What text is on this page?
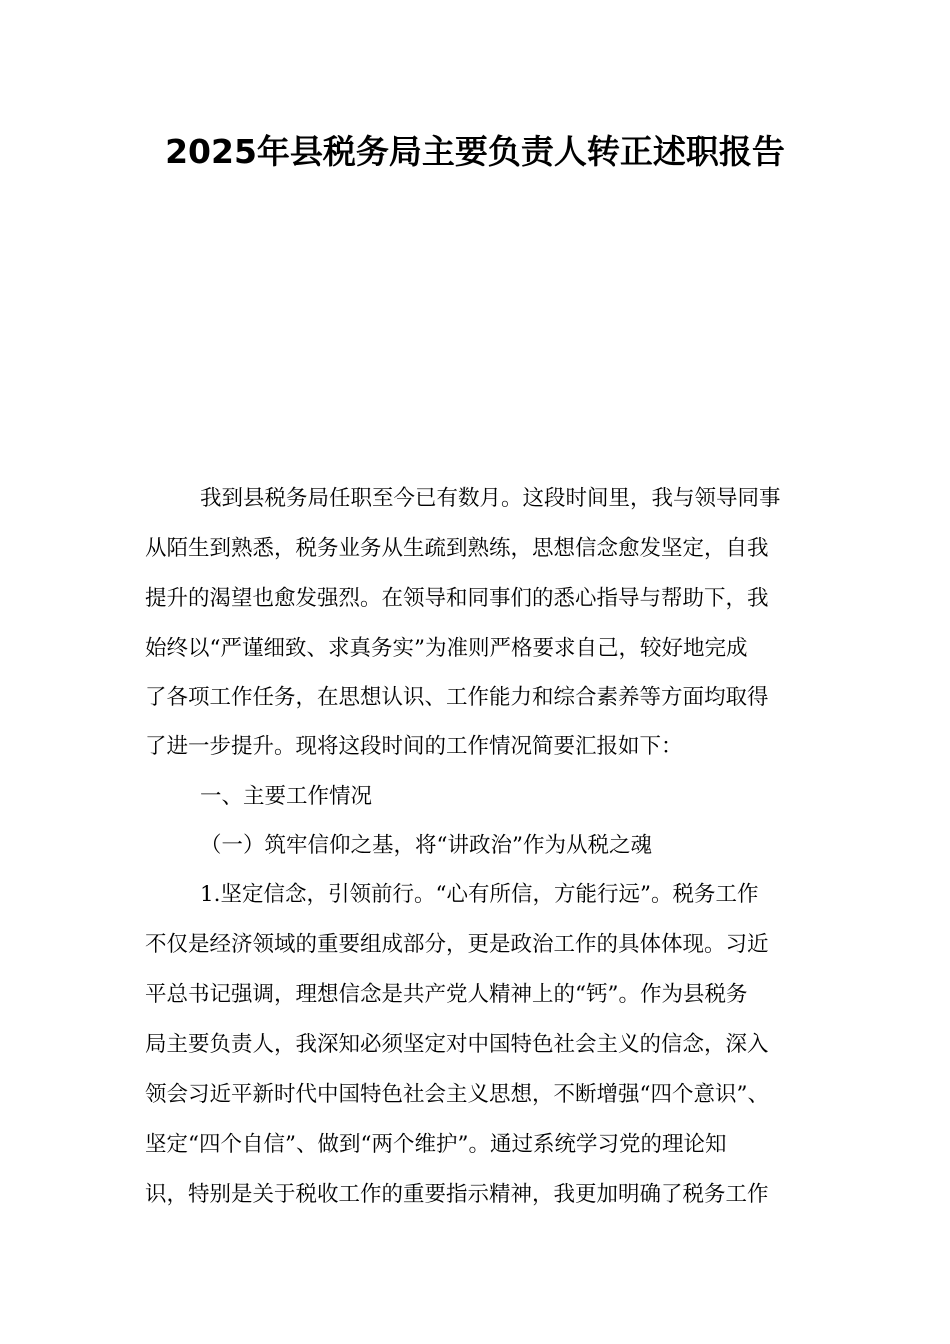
2025年县税务局主要负责人转正述职报告
我到县税务局任职至今已有数月。这段时间里，我与领导同事
从陌生到熟悉，税务业务从生疏到熟练，思想信念愈发坚定，自我
提升的渴望也愈发强烈。在领导和同事们的悉心指导与帮助下，我
始终以“严谨细致、求真务实”为准则严格要求自己，较好地完成
了各项工作任务，在思想认识、工作能力和综合素养等方面均取得
了进一步提升。现将这段时间的工作情况简要汇报如下：
一、主要工作情况
（一）筑牢信仰之基，将“讲政治”作为从税之魂
1.坚定信念，引领前行。“心有所信，方能行远”。税务工作
不仅是经济领域的重要组成部分，更是政治工作的具体体现。习近
平总书记强调，理想信念是共产党人精神上的“钙”。作为县税务
局主要负责人，我深知必须坚定对中国特色社会主义的信念，深入
领会习近平新时代中国特色社会主义思想，不断增强“四个意识”、
坚定“四个自信”、做到“两个维护”。通过系统学习党的理论知
识，特别是关于税收工作的重要指示精神，我更加明确了税务工作
